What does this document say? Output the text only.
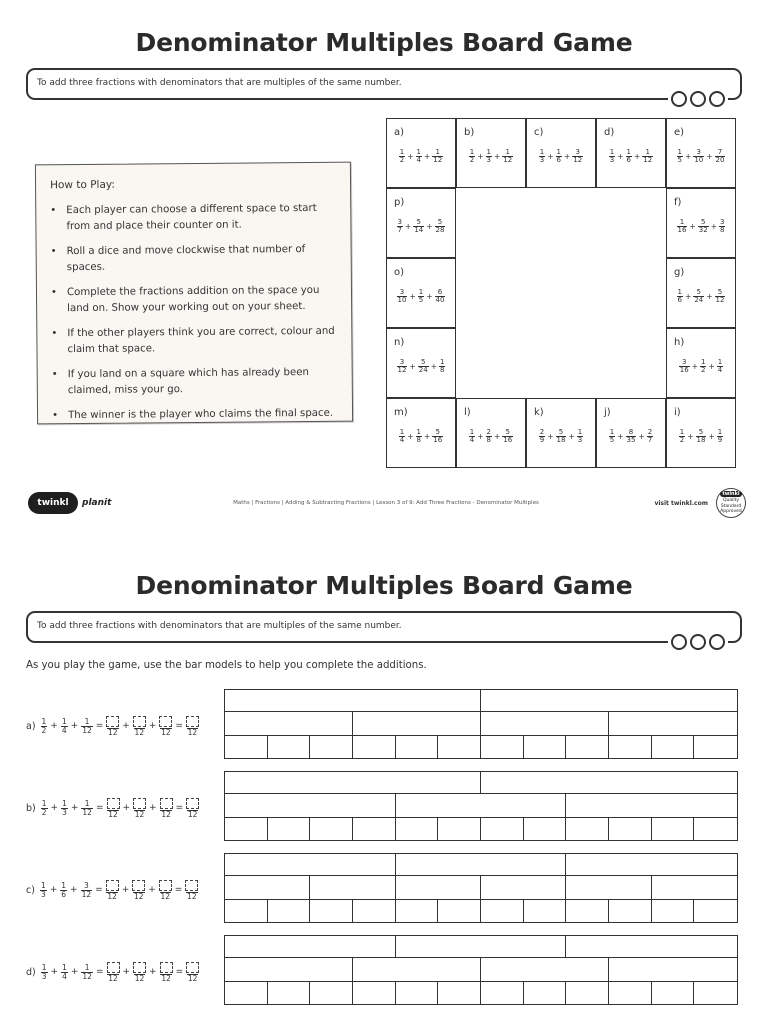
Denominator Multiples Board Game
To add three fractions with denominators that are multiples of the same number.
How to Play:
• Each player can choose a different space to start from and place their counter on it.
• Roll a dice and move clockwise that number of spaces.
• Complete the fractions addition on the space you land on. Show your working out on your sheet.
• If the other players think you are correct, colour and claim that space.
• If you land on a square which has already been claimed, miss your go.
• The winner is the player who claims the final space.
a)
$\frac{1}{2} + \frac{1}{4} + \frac{1}{12}$
b)
$\frac{1}{2} + \frac{1}{3} + \frac{1}{12}$
c)
$\frac{1}{3} + \frac{1}{6} + \frac{3}{12}$
d)
$\frac{1}{3} + \frac{1}{6} + \frac{1}{12}$
e)
$\frac{1}{5} + \frac{3}{10} + \frac{7}{20}$
f)
$\frac{1}{16} + \frac{5}{32} + \frac{3}{8}$
g)
$\frac{1}{6} + \frac{5}{24} + \frac{5}{12}$
h)
$\frac{3}{16} + \frac{1}{2} + \frac{1}{4}$
i)
$\frac{1}{2} + \frac{5}{18} + \frac{1}{9}$
j)
$\frac{1}{5} + \frac{8}{35} + \frac{2}{7}$
k)
$\frac{2}{9} + \frac{5}{18} + \frac{1}{3}$
l)
$\frac{1}{4} + \frac{2}{8} + \frac{5}{16}$
m)
$\frac{1}{4} + \frac{1}{8} + \frac{5}{16}$
n)
$\frac{3}{12} + \frac{5}{24} + \frac{1}{8}$
o)
$\frac{3}{10} + \frac{1}{5} + \frac{6}{40}$
p)
$\frac{3}{7} + \frac{5}{14} + \frac{5}{28}$
twinkl	planit	Maths | Fractions | Adding & Subtracting Fractions | Lesson 3 of 9: Add Three Fractions - Denominator Multiples	visit twinkl.com
twinkl
Quality Standard Approved
Denominator Multiples Board Game
To add three fractions with denominators that are multiples of the same number.
As you play the game, use the bar models to help you complete the additions.
$a) \frac{1}{2} + \frac{1}{4} + \frac{1}{12}$ =
12
+
12
+
12
=
12
$b) \frac{1}{2} + \frac{1}{3} + \frac{1}{12}$ =
12
+
12
+
12
=
12
$c) \frac{1}{3} + \frac{1}{6} + \frac{3}{12}$ =
12
+
12
+
12
=
12
$d) \frac{1}{3} + \frac{1}{4} + \frac{1}{12}$ =
12
+
12
+
12
=
12
